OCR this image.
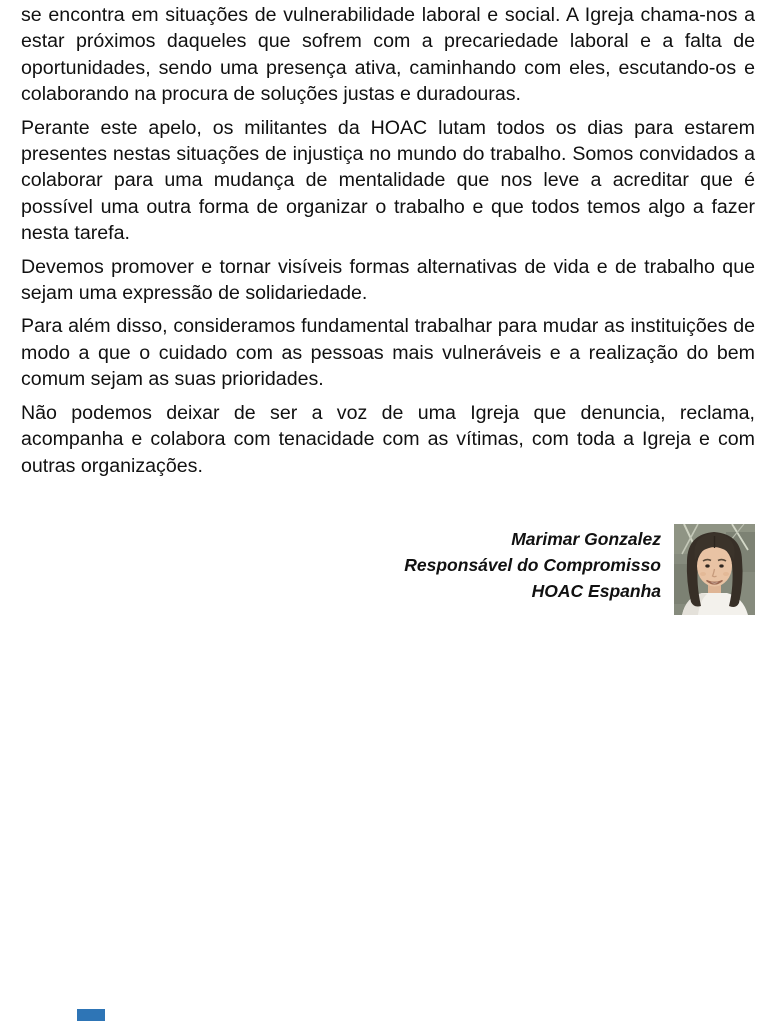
se encontra em situações de vulnerabilidade laboral e social. A Igreja chama-nos a estar próximos daqueles que sofrem com a precariedade laboral e a falta de oportunidades, sendo uma presença ativa, caminhando com eles, escutando-os e colaborando na procura de soluções justas e duradouras.

Perante este apelo, os militantes da HOAC lutam todos os dias para estarem presentes nestas situações de injustiça no mundo do trabalho. Somos convidados a colaborar para uma mudança de mentalidade que nos leve a acreditar que é possível uma outra forma de organizar o trabalho e que todos temos algo a fazer nesta tarefa.

Devemos promover e tornar visíveis formas alternativas de vida e de trabalho que sejam uma expressão de solidariedade.

Para além disso, consideramos fundamental trabalhar para mudar as instituições de modo a que o cuidado com as pessoas mais vulneráveis e a realização do bem comum sejam as suas prioridades.

Não podemos deixar de ser a voz de uma Igreja que denuncia, reclama, acompanha e colabora com tenacidade com as vítimas, com toda a Igreja e com outras organizações.

Marimar Gonzalez
Responsável do Compromisso
HOAC Espanha
